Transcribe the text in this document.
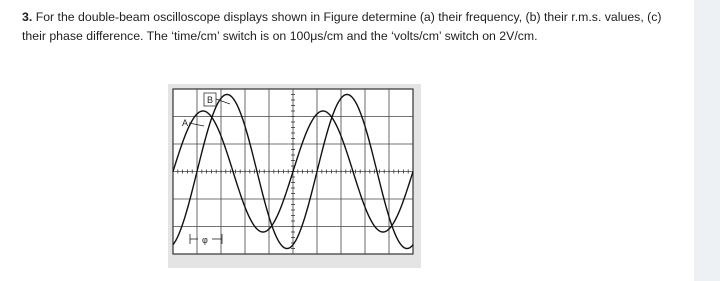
3. For the double-beam oscilloscope displays shown in Figure determine (a) their frequency, (b) their r.m.s. values, (c) their phase difference. The ‘time/cm’ switch is on 100μs/cm and the ‘volts/cm’ switch on 2V/cm.
B
A
φ
